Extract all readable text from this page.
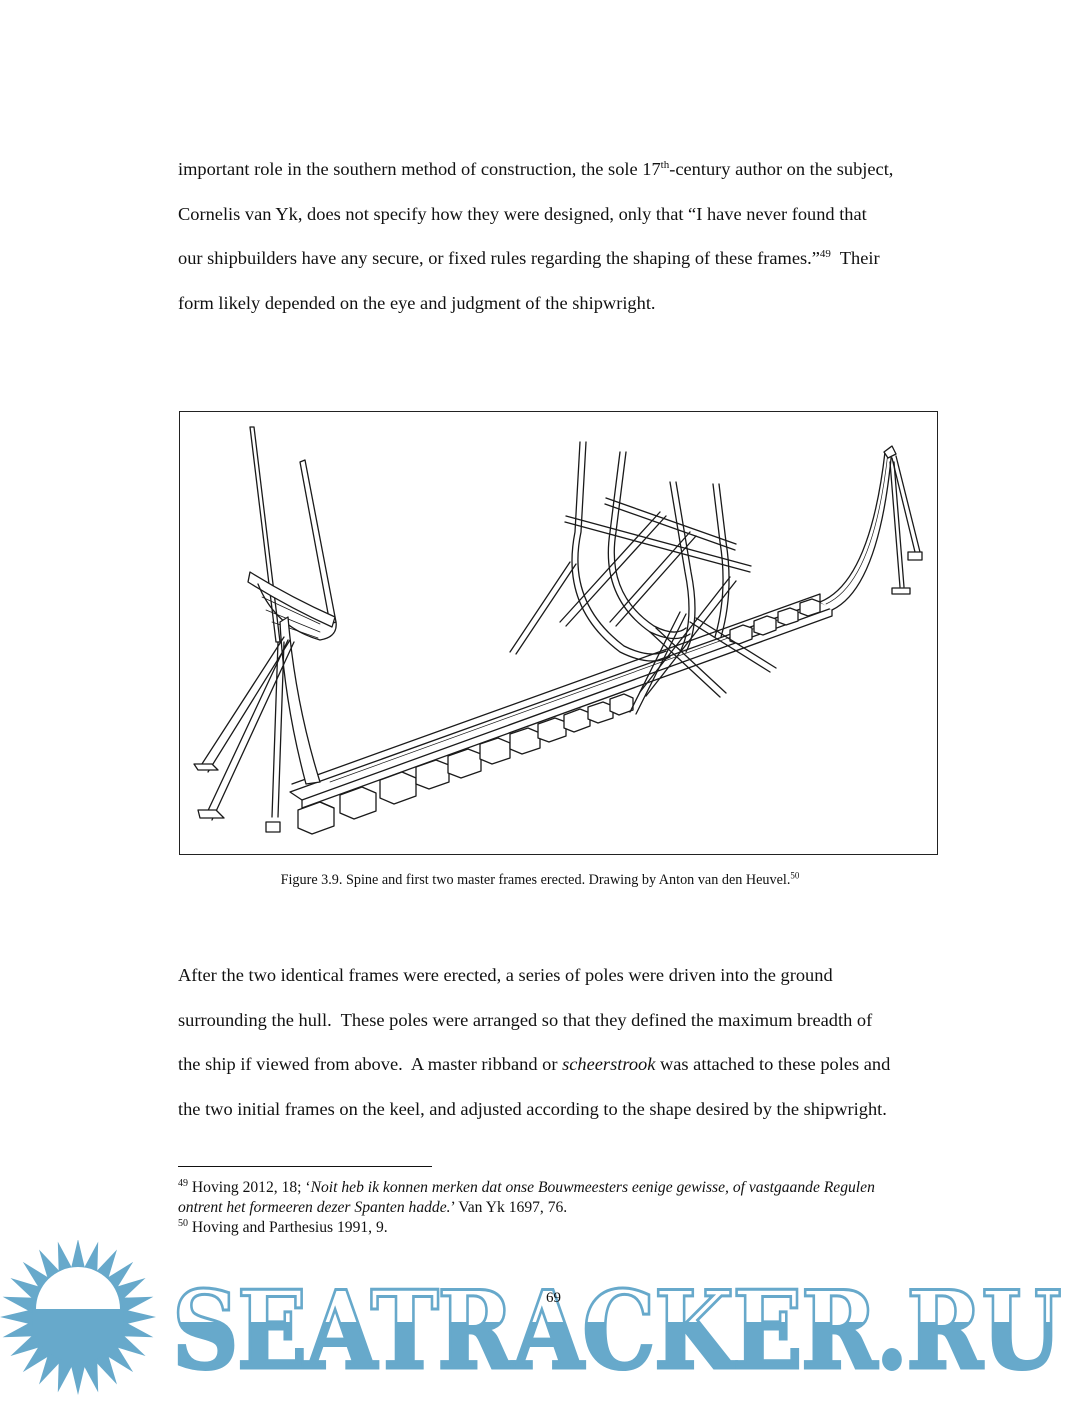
important role in the southern method of construction, the sole 17th-century author on the subject,
Cornelis van Yk, does not specify how they were designed, only that “I have never found that
our shipbuilders have any secure, or fixed rules regarding the shaping of these frames.”$^{49}$  Their
form likely depended on the eye and judgment of the shipwright.
Figure 3.9. Spine and first two master frames erected. Drawing by Anton van den Heuvel.$^{50}$
After the two identical frames were erected, a series of poles were driven into the ground
surrounding the hull.  These poles were arranged so that they defined the maximum breadth of
the ship if viewed from above.  A master ribband or scheerstrook was attached to these poles and
the two initial frames on the keel, and adjusted according to the shape desired by the shipwright.

$^{49}$ Hoving 2012, 18; ‘Noit heb ik konnen merken dat onse Bouwmeesters eenige gewisse, of vastgaande Regulen ontrent het formeeren dezer Spanten hadde.’ Van Yk 1697, 76.

$^{50}$ Hoving and Parthesius 1991, 9.

69
SEATRACKER.RU
